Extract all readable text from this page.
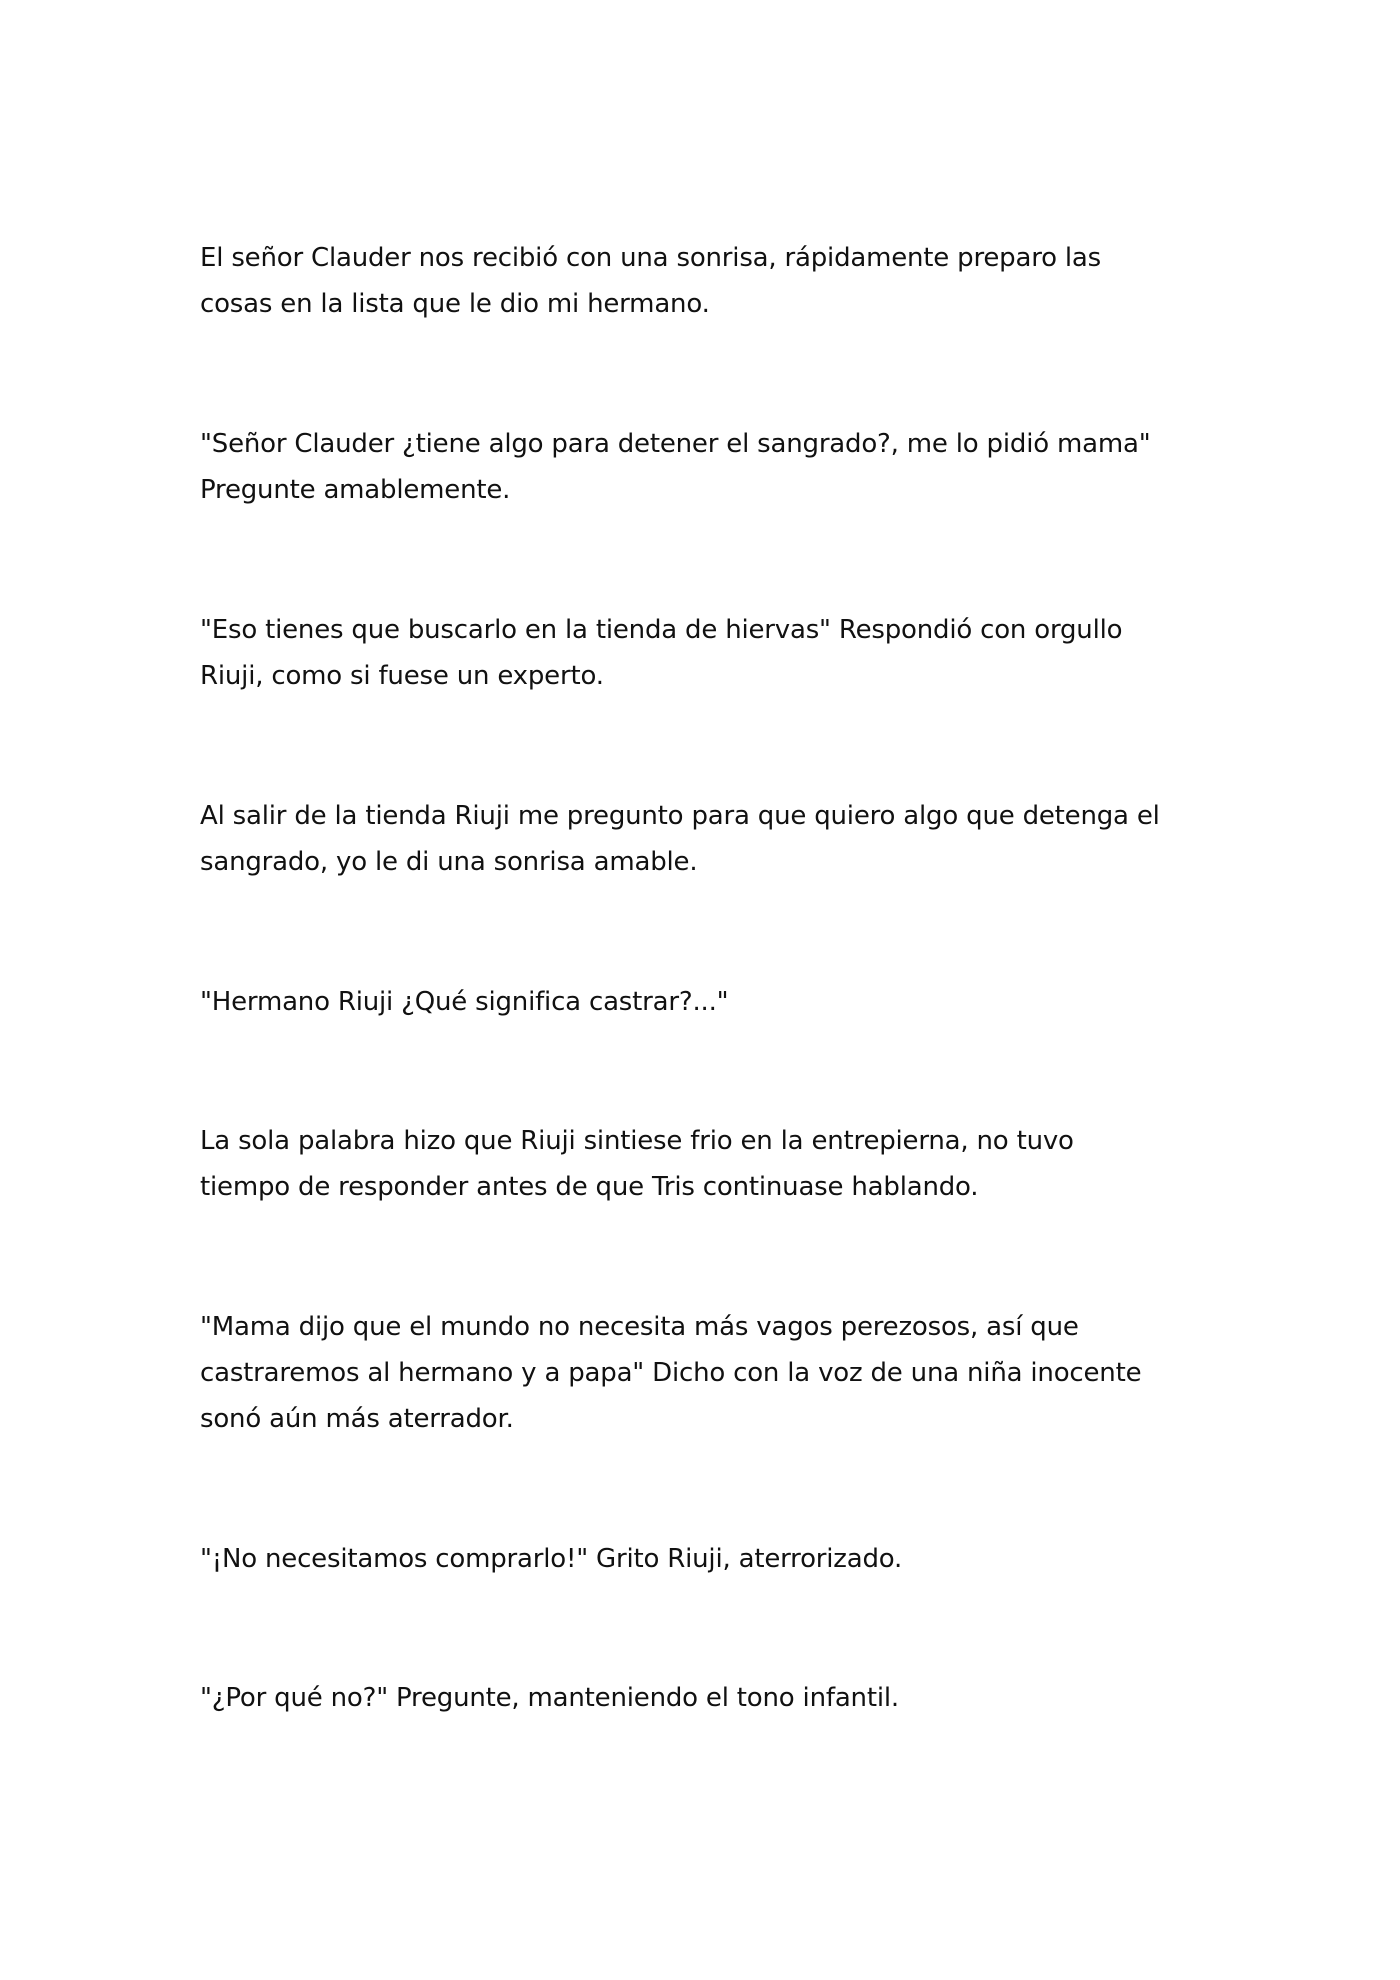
El señor Clauder nos recibió con una sonrisa, rápidamente preparo las
cosas en la lista que le dio mi hermano.

"Señor Clauder ¿tiene algo para detener el sangrado?, me lo pidió mama"
Pregunte amablemente.

"Eso tienes que buscarlo en la tienda de hiervas" Respondió con orgullo
Riuji, como si fuese un experto.

Al salir de la tienda Riuji me pregunto para que quiero algo que detenga el
sangrado, yo le di una sonrisa amable.

"Hermano Riuji ¿Qué significa castrar?..."

La sola palabra hizo que Riuji sintiese frio en la entrepierna, no tuvo
tiempo de responder antes de que Tris continuase hablando.

"Mama dijo que el mundo no necesita más vagos perezosos, así que
castraremos al hermano y a papa" Dicho con la voz de una niña inocente
sonó aún más aterrador.

"¡No necesitamos comprarlo!" Grito Riuji, aterrorizado.

"¿Por qué no?" Pregunte, manteniendo el tono infantil.
